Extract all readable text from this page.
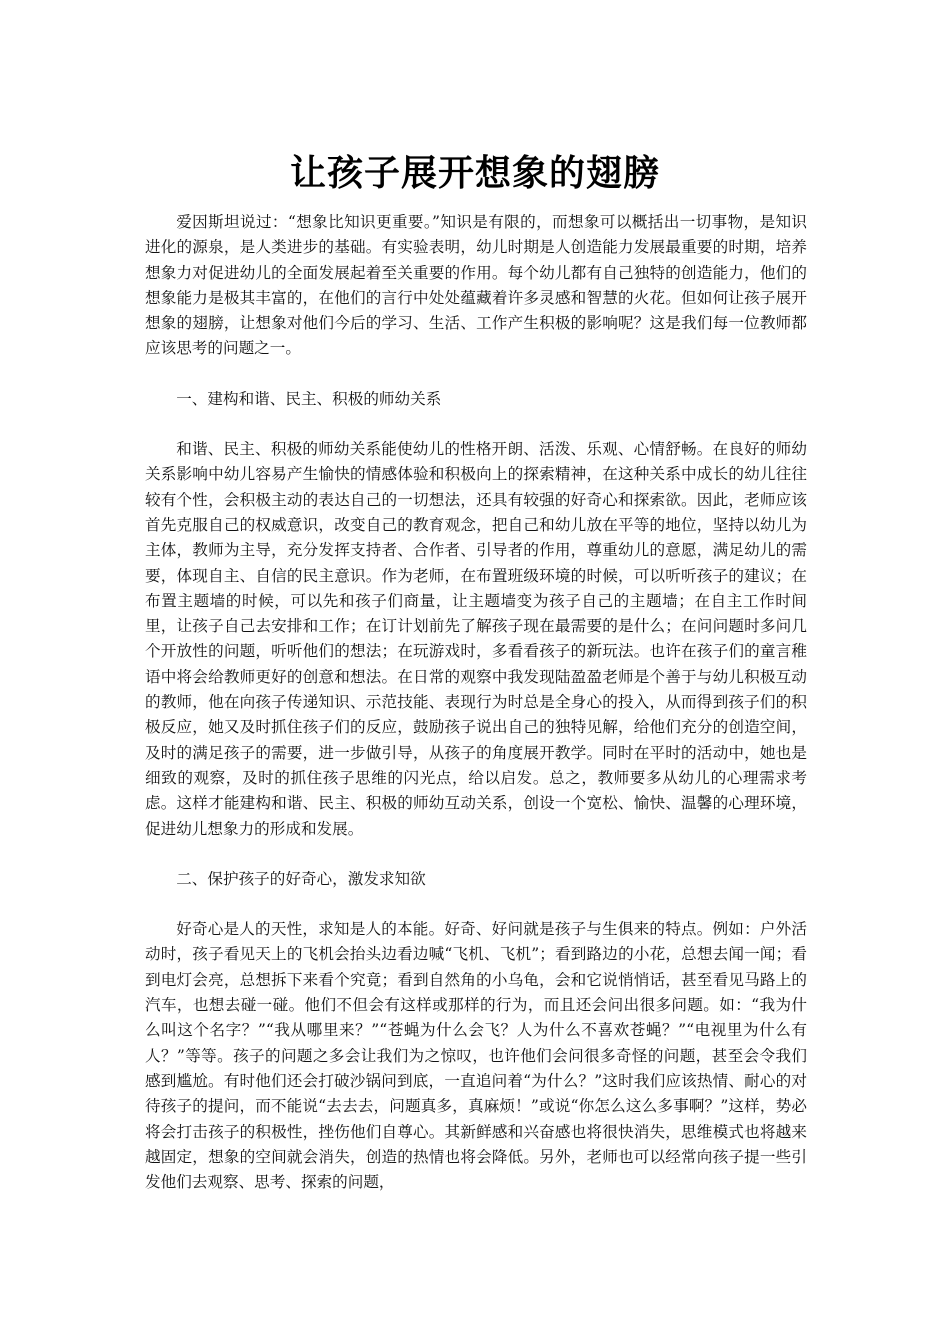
让孩子展开想象的翅膀

爱因斯坦说过：“想象比知识更重要。”知识是有限的，而想象可以概括出一切事物，是知识进化的源泉，是人类进步的基础。有实验表明，幼儿时期是人创造能力发展最重要的时期，培养想象力对促进幼儿的全面发展起着至关重要的作用。每个幼儿都有自己独特的创造能力，他们的想象能力是极其丰富的，在他们的言行中处处蕴藏着许多灵感和智慧的火花。但如何让孩子展开想象的翅膀，让想象对他们今后的学习、生活、工作产生积极的影响呢？这是我们每一位教师都应该思考的问题之一。

一、建构和谐、民主、积极的师幼关系

和谐、民主、积极的师幼关系能使幼儿的性格开朗、活泼、乐观、心情舒畅。在良好的师幼关系影响中幼儿容易产生愉快的情感体验和积极向上的探索精神，在这种关系中成长的幼儿往往较有个性，会积极主动的表达自己的一切想法，还具有较强的好奇心和探索欲。因此，老师应该首先克服自己的权威意识，改变自己的教育观念，把自己和幼儿放在平等的地位，坚持以幼儿为主体，教师为主导，充分发挥支持者、合作者、引导者的作用，尊重幼儿的意愿，满足幼儿的需要，体现自主、自信的民主意识。作为老师，在布置班级环境的时候，可以听听孩子的建议；在布置主题墙的时候，可以先和孩子们商量，让主题墙变为孩子自己的主题墙；在自主工作时间里，让孩子自己去安排和工作；在订计划前先了解孩子现在最需要的是什么；在问问题时多问几个开放性的问题，听听他们的想法；在玩游戏时，多看看孩子的新玩法。也许在孩子们的童言稚语中将会给教师更好的创意和想法。在日常的观察中我发现陆盈盈老师是个善于与幼儿积极互动的教师，他在向孩子传递知识、示范技能、表现行为时总是全身心的投入，从而得到孩子们的积极反应，她又及时抓住孩子们的反应，鼓励孩子说出自己的独特见解，给他们充分的创造空间，及时的满足孩子的需要，进一步做引导，从孩子的角度展开教学。同时在平时的活动中，她也是细致的观察，及时的抓住孩子思维的闪光点，给以启发。总之，教师要多从幼儿的心理需求考虑。这样才能建构和谐、民主、积极的师幼互动关系，创设一个宽松、愉快、温馨的心理环境，促进幼儿想象力的形成和发展。

二、保护孩子的好奇心，激发求知欲

好奇心是人的天性，求知是人的本能。好奇、好问就是孩子与生俱来的特点。例如：户外活动时，孩子看见天上的飞机会抬头边看边喊“飞机、飞机”；看到路边的小花，总想去闻一闻；看到电灯会亮，总想拆下来看个究竟；看到自然角的小乌龟，会和它说悄悄话，甚至看见马路上的汽车，也想去碰一碰。他们不但会有这样或那样的行为，而且还会问出很多问题。如：“我为什么叫这个名字？”“我从哪里来？”“苍蝇为什么会飞？人为什么不喜欢苍蝇？”“电视里为什么有人？”等等。孩子的问题之多会让我们为之惊叹，也许他们会问很多奇怪的问题，甚至会令我们感到尴尬。有时他们还会打破沙锅问到底，一直追问着“为什么？”这时我们应该热情、耐心的对待孩子的提问，而不能说“去去去，问题真多，真麻烦！”或说“你怎么这么多事啊？”这样，势必将会打击孩子的积极性，挫伤他们自尊心。其新鲜感和兴奋感也将很快消失，思维模式也将越来越固定，想象的空间就会消失，创造的热情也将会降低。另外，老师也可以经常向孩子提一些引发他们去观察、思考、探索的问题，
